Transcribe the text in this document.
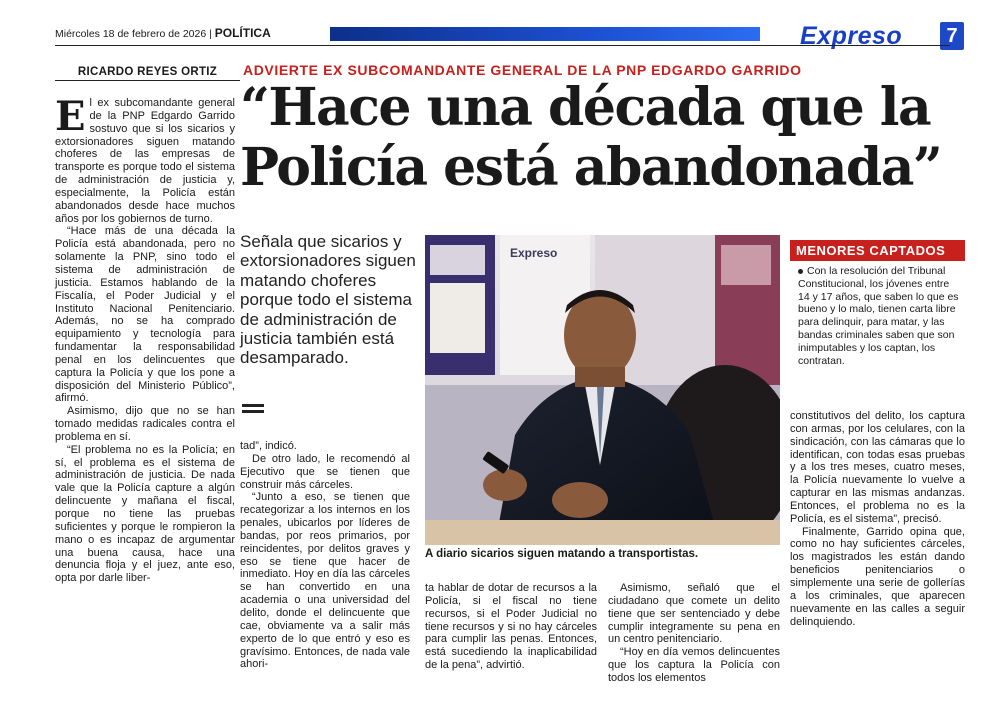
Miércoles 18 de febrero de 2026 | POLÍTICA	Expreso	7
RICARDO REYES ORTIZ	ADVIERTE EX SUBCOMANDANTE GENERAL DE LA PNP EDGARDO GARRIDO
“Hace una década que la Policía está abandonada”

El ex subcomandante general de la PNP Edgardo Garrido sostuvo que si los sicarios y extorsionadores siguen matando choferes de las empresas de transporte es porque todo el sistema de administración de justicia y, especialmente, la Policía están abandonados desde hace muchos años por los gobiernos de turno.

“Hace más de una década la Policía está abandonada, pero no solamente la PNP, sino todo el sistema de administración de justicia. Estamos hablando de la Fiscalía, el Poder Judicial y el Instituto Nacional Penitenciario. Además, no se ha comprado equipamiento y tecnología para fundamentar la responsabilidad penal en los delincuentes que captura la Policía y que los pone a disposición del Ministerio Público”, afirmó.

Asimismo, dijo que no se han tomado medidas radicales contra el problema en sí.

“El problema no es la Policía; en sí, el problema es el sistema de administración de justicia. De nada vale que la Policía capture a algún delincuente y mañana el fiscal, porque no tiene las pruebas suficientes y porque le rompieron la mano o es incapaz de argumentar una buena causa, hace una denuncia floja y el juez, ante eso, opta por darle liber-

Señala que sicarios y extorsionadores siguen matando choferes porque todo el sistema de administración de justicia también está desamparado.
Expreso
A diario sicarios siguen matando a transportistas.
MENORES CAPTADOS
Con la resolución del Tribunal Constitucional, los jóvenes entre 14 y 17 años, que saben lo que es bueno y lo malo, tienen carta libre para delinquir, para matar, y las bandas criminales saben que son inimputables y los captan, los contratan.

tad”, indicó.

De otro lado, le recomendó al Ejecutivo que se tienen que construir más cárceles.

“Junto a eso, se tienen que recategorizar a los internos en los penales, ubicarlos por líderes de bandas, por reos primarios, por reincidentes, por delitos graves y eso se tiene que hacer de inmediato. Hoy en día las cárceles se han convertido en una academia o una universidad del delito, donde el delincuente que cae, obviamente va a salir más experto de lo que entró y eso es gravísimo. Entonces, de nada vale ahori-

ta hablar de dotar de recursos a la Policía, si el fiscal no tiene recursos, si el Poder Judicial no tiene recursos y si no hay cárceles para cumplir las penas. Entonces, está sucediendo la inaplicabilidad de la pena”, advirtió.

Asimismo, señaló que el ciudadano que comete un delito tiene que ser sentenciado y debe cumplir integramente su pena en un centro penitenciario.

“Hoy en día vemos delincuentes que los captura la Policía con todos los elementos

constitutivos del delito, los captura con armas, por los celulares, con la sindicación, con las cámaras que lo identifican, con todas esas pruebas y a los tres meses, cuatro meses, la Policía nuevamente lo vuelve a capturar en las mismas andanzas. Entonces, el problema no es la Policía, es el sistema”, precisó.

Finalmente, Garrido opina que, como no hay suficientes cárceles, los magistrados les están dando beneficios penitenciarios o simplemente una serie de gollerías a los criminales, que aparecen nuevamente en las calles a seguir delinquiendo.
